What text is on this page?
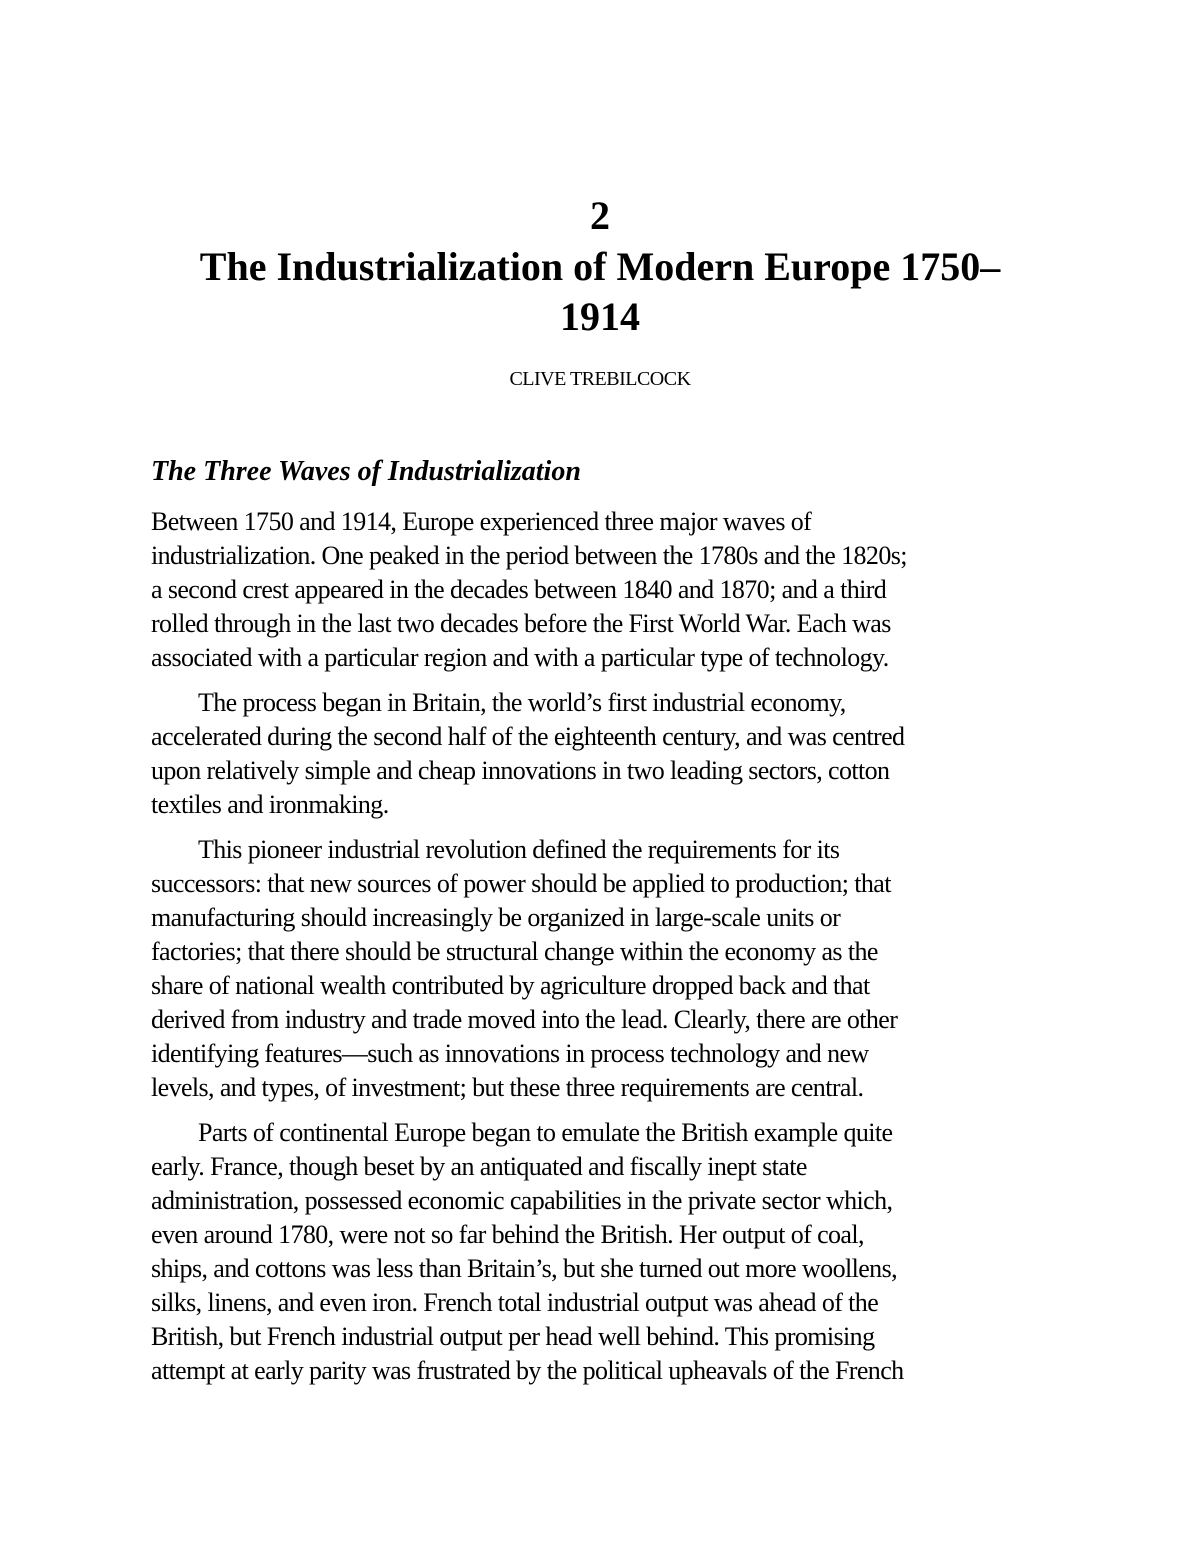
2
The Industrialization of Modern Europe 1750–
1914

CLIVE TREBILCOCK

The Three Waves of Industrialization

Between 1750 and 1914, Europe experienced three major waves of
industrialization. One peaked in the period between the 1780s and the 1820s;
a second crest appeared in the decades between 1840 and 1870; and a third
rolled through in the last two decades before the First World War. Each was
associated with a particular region and with a particular type of technology.

The process began in Britain, the world’s first industrial economy,
accelerated during the second half of the eighteenth century, and was centred
upon relatively simple and cheap innovations in two leading sectors, cotton
textiles and ironmaking.

This pioneer industrial revolution defined the requirements for its
successors: that new sources of power should be applied to production; that
manufacturing should increasingly be organized in large-scale units or
factories; that there should be structural change within the economy as the
share of national wealth contributed by agriculture dropped back and that
derived from industry and trade moved into the lead. Clearly, there are other
identifying features—such as innovations in process technology and new
levels, and types, of investment; but these three requirements are central.

Parts of continental Europe began to emulate the British example quite
early. France, though beset by an antiquated and fiscally inept state
administration, possessed economic capabilities in the private sector which,
even around 1780, were not so far behind the British. Her output of coal,
ships, and cottons was less than Britain’s, but she turned out more woollens,
silks, linens, and even iron. French total industrial output was ahead of the
British, but French industrial output per head well behind. This promising
attempt at early parity was frustrated by the political upheavals of the French
